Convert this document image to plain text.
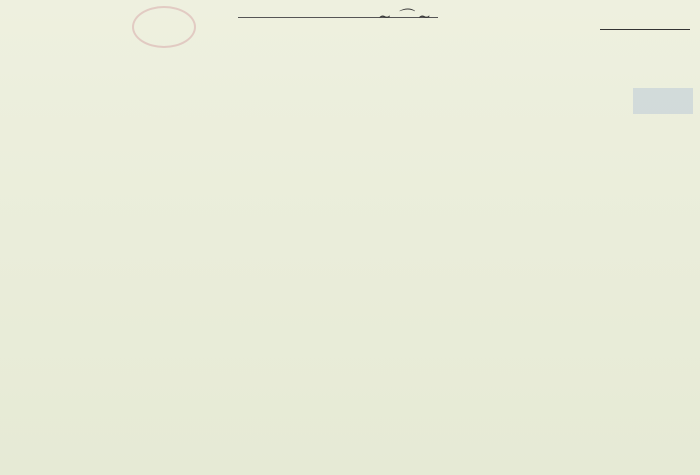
~ ⌒ ~
